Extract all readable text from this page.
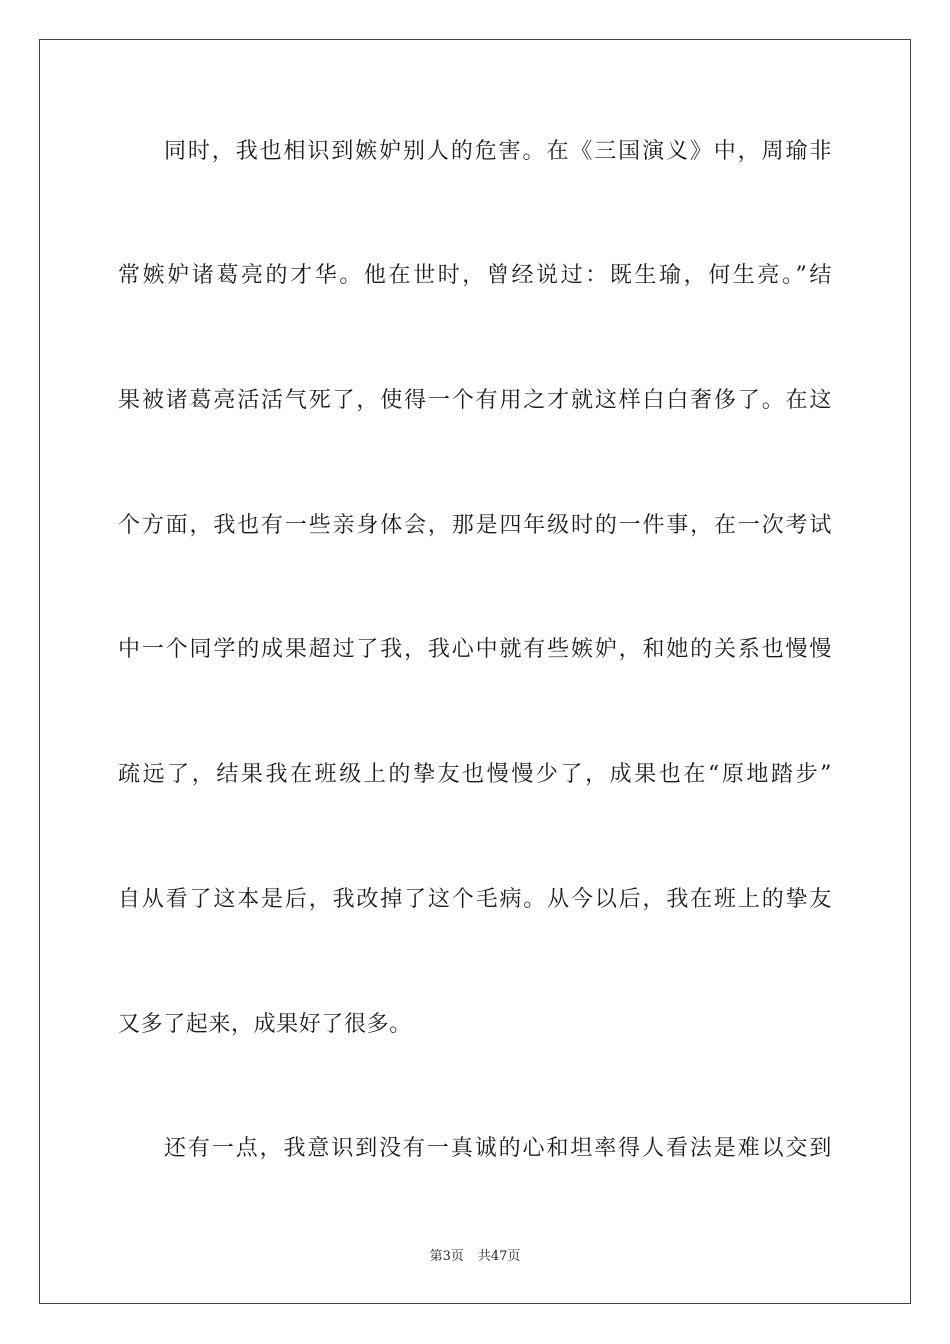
同时，我也相识到嫉妒别人的危害。在《三国演义》中，周瑜非
常嫉妒诸葛亮的才华。他在世时，曾经说过：既生瑜，何生亮。”结
果被诸葛亮活活气死了，使得一个有用之才就这样白白奢侈了。在这
个方面，我也有一些亲身体会，那是四年级时的一件事，在一次考试
中一个同学的成果超过了我，我心中就有些嫉妒，和她的关系也慢慢
疏远了，结果我在班级上的挚友也慢慢少了，成果也在“原地踏步”
自从看了这本是后，我改掉了这个毛病。从今以后，我在班上的挚友
又多了起来，成果好了很多。
还有一点，我意识到没有一真诚的心和坦率得人看法是难以交到
第3页 共47页
